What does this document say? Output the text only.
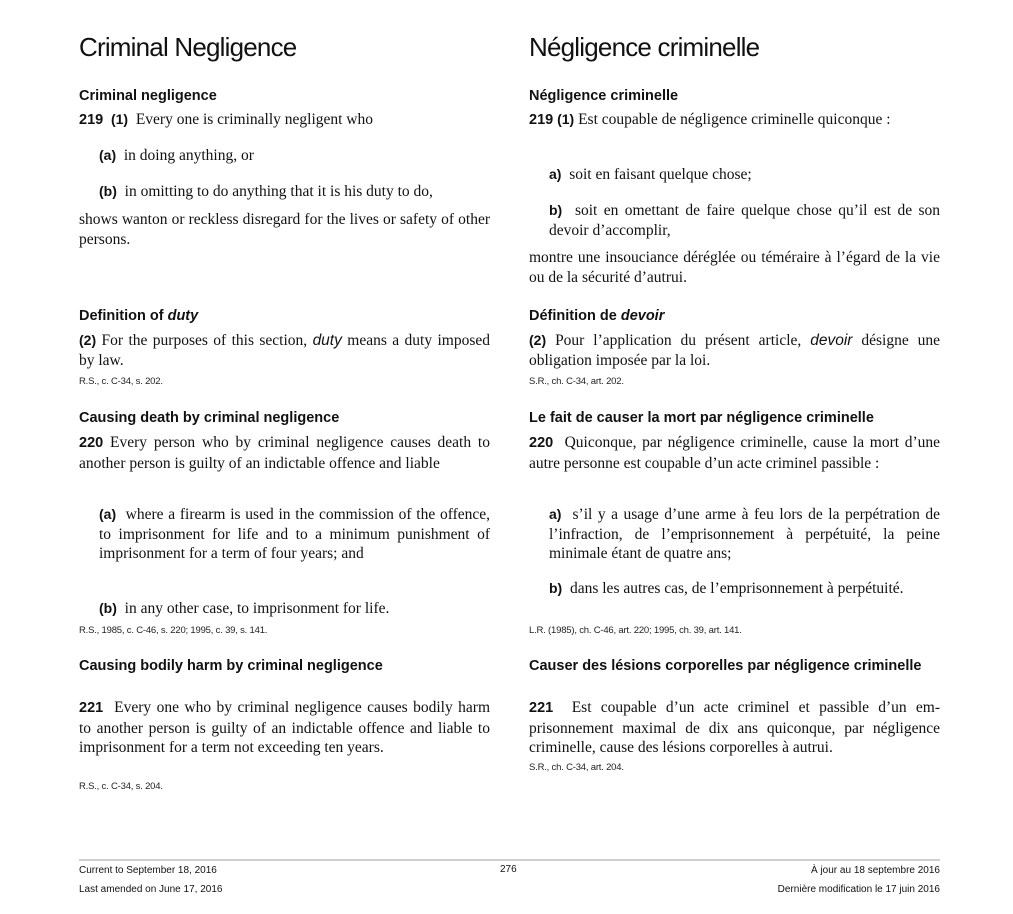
Criminal Negligence
Criminal negligence
219 (1) Every one is criminally negligent who
(a) in doing anything, or
(b) in omitting to do anything that it is his duty to do,
shows wanton or reckless disregard for the lives or safety of other persons.
Definition of duty
(2) For the purposes of this section, duty means a duty imposed by law.
R.S., c. C-34, s. 202.
Causing death by criminal negligence
220 Every person who by criminal negligence causes death to another person is guilty of an indictable offence and liable
(a) where a firearm is used in the commission of the offence, to imprisonment for life and to a minimum punishment of imprisonment for a term of four years; and
(b) in any other case, to imprisonment for life.
R.S., 1985, c. C-46, s. 220; 1995, c. 39, s. 141.
Causing bodily harm by criminal negligence
221 Every one who by criminal negligence causes bodily harm to another person is guilty of an indictable offence and liable to imprisonment for a term not exceeding ten years.
R.S., c. C-34, s. 204.
Négligence criminelle
Négligence criminelle
219 (1) Est coupable de négligence criminelle quiconque :
a) soit en faisant quelque chose;
b) soit en omettant de faire quelque chose qu’il est de son devoir d’accomplir,
montre une insouciance déréglée ou téméraire à l’égard de la vie ou de la sécurité d’autrui.
Définition de devoir
(2) Pour l’application du présent article, devoir désigne une obligation imposée par la loi.
S.R., ch. C-34, art. 202.
Le fait de causer la mort par négligence criminelle
220 Quiconque, par négligence criminelle, cause la mort d’une autre personne est coupable d’un acte criminel passible :
a) s’il y a usage d’une arme à feu lors de la perpétration de l’infraction, de l’emprisonnement à perpétuité, la peine minimale étant de quatre ans;
b) dans les autres cas, de l’emprisonnement à perpétuité.
L.R. (1985), ch. C-46, art. 220; 1995, ch. 39, art. 141.
Causer des lésions corporelles par négligence criminelle
221 Est coupable d’un acte criminel et passible d’un emprisonnement maximal de dix ans quiconque, par négligence criminelle, cause des lésions corporelles à autrui.
S.R., ch. C-34, art. 204.
Current to September 18, 2016
Last amended on June 17, 2016
276	À jour au 18 septembre 2016
Dernière modification le 17 juin 2016
